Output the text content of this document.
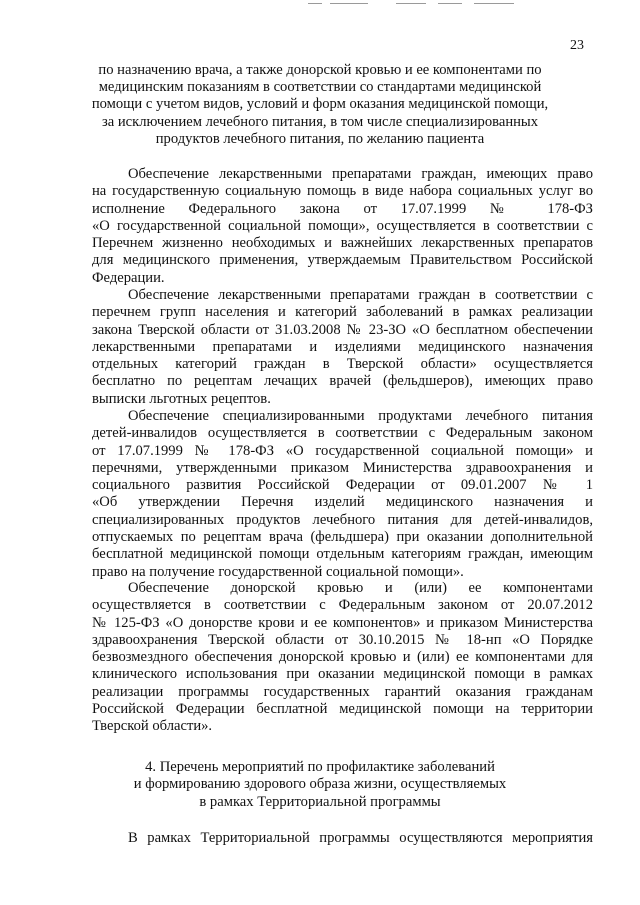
23
по назначению врача, а также донорской кровью и ее компонентами по
медицинским показаниям в соответствии со стандартами медицинской
помощи с учетом видов, условий и форм оказания медицинской помощи,
за исключением лечебного питания, в том числе специализированных
продуктов лечебного питания, по желанию пациента
Обеспечение лекарственными препаратами граждан, имеющих право
на государственную социальную помощь в виде набора социальных услуг во
исполнение Федерального закона от 17.07.1999 № 178-ФЗ
«О государственной социальной помощи», осуществляется в соответствии с
Перечнем жизненно необходимых и важнейших лекарственных препаратов
для медицинского применения, утверждаемым Правительством Российской
Федерации.
Обеспечение лекарственными препаратами граждан в соответствии с
перечнем групп населения и категорий заболеваний в рамках реализации
закона Тверской области от 31.03.2008 № 23-ЗО «О бесплатном обеспечении
лекарственными препаратами и изделиями медицинского назначения
отдельных категорий граждан в Тверской области» осуществляется
бесплатно по рецептам лечащих врачей (фельдшеров), имеющих право
выписки льготных рецептов.
Обеспечение специализированными продуктами лечебного питания
детей-инвалидов осуществляется в соответствии с Федеральным законом
от 17.07.1999 № 178-ФЗ «О государственной социальной помощи» и
перечнями, утвержденными приказом Министерства здравоохранения и
социального развития Российской Федерации от 09.01.2007 № 1
«Об утверждении Перечня изделий медицинского назначения и
специализированных продуктов лечебного питания для детей-инвалидов,
отпускаемых по рецептам врача (фельдшера) при оказании дополнительной
бесплатной медицинской помощи отдельным категориям граждан, имеющим
право на получение государственной социальной помощи».
Обеспечение донорской кровью и (или) ее компонентами
осуществляется в соответствии с Федеральным законом от 20.07.2012
№ 125-ФЗ «О донорстве крови и ее компонентов» и приказом Министерства
здравоохранения Тверской области от 30.10.2015 № 18-нп «О Порядке
безвозмездного обеспечения донорской кровью и (или) ее компонентами для
клинического использования при оказании медицинской помощи в рамках
реализации программы государственных гарантий оказания гражданам
Российской Федерации бесплатной медицинской помощи на территории
Тверской области».
4. Перечень мероприятий по профилактике заболеваний
и формированию здорового образа жизни, осуществляемых
в рамках Территориальной программы
В рамках Территориальной программы осуществляются мероприятия
